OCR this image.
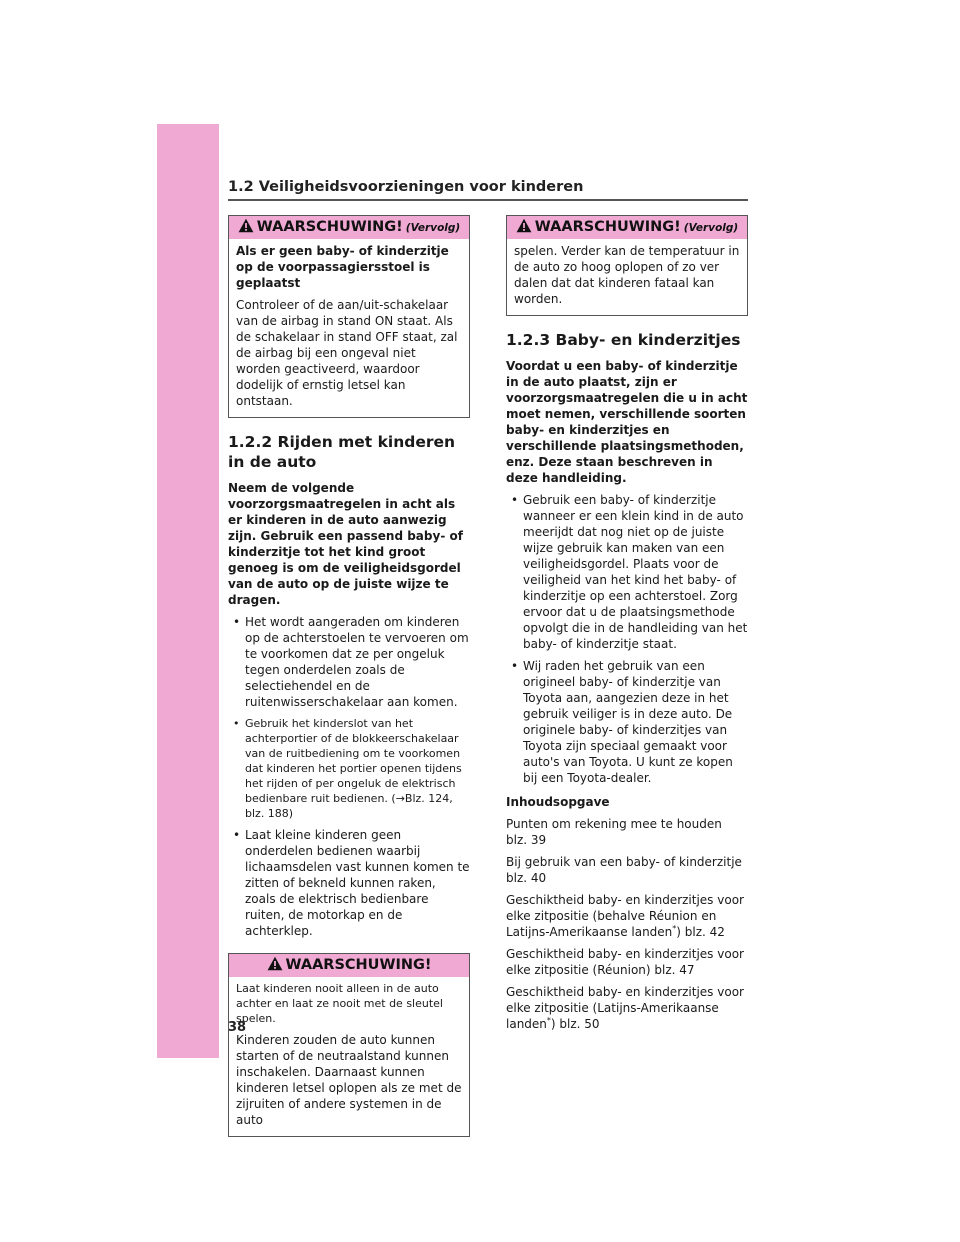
1.2 Veiligheidsvoorzieningen voor kinderen
WAARSCHUWING! (Vervolg)

Als er geen baby- of kinderzitje op de voorpassagiersstoel is geplaatst

Controleer of de aan/uit-schakelaar van de airbag in stand ON staat. Als de schakelaar in stand OFF staat, zal de airbag bij een ongeval niet worden geactiveerd, waardoor dodelijk of ernstig letsel kan ontstaan.

1.2.2 Rijden met kinderen in de auto

Neem de volgende voorzorgsmaatregelen in acht als er kinderen in de auto aanwezig zijn. Gebruik een passend baby- of kinderzitje tot het kind groot genoeg is om de veiligheidsgordel van de auto op de juiste wijze te dragen.

• Het wordt aangeraden om kinderen op de achterstoelen te vervoeren om te voorkomen dat ze per ongeluk tegen onderdelen zoals de selectiehendel en de ruitenwisserschakelaar aan komen.
• Gebruik het kinderslot van het achterportier of de blokkeerschakelaar van de ruitbediening om te voorkomen dat kinderen het portier openen tijdens het rijden of per ongeluk de elektrisch bedienbare ruit bedienen. (→Blz. 124, blz. 188)
• Laat kleine kinderen geen onderdelen bedienen waarbij lichaamsdelen vast kunnen komen te zitten of bekneld kunnen raken, zoals de elektrisch bedienbare ruiten, de motorkap en de achterklep.
WAARSCHUWING!

Laat kinderen nooit alleen in de auto achter en laat ze nooit met de sleutel spelen.

Kinderen zouden de auto kunnen starten of de neutraalstand kunnen inschakelen. Daarnaast kunnen kinderen letsel oplopen als ze met de zijruiten of andere systemen in de auto

WAARSCHUWING! (Vervolg)

spelen. Verder kan de temperatuur in de auto zo hoog oplopen of zo ver dalen dat dat kinderen fataal kan worden.

1.2.3 Baby- en kinderzitjes

Voordat u een baby- of kinderzitje in de auto plaatst, zijn er voorzorgsmaatregelen die u in acht moet nemen, verschillende soorten baby- en kinderzitjes en verschillende plaatsingsmethoden, enz. Deze staan beschreven in deze handleiding.

• Gebruik een baby- of kinderzitje wanneer er een klein kind in de auto meerijdt dat nog niet op de juiste wijze gebruik kan maken van een veiligheidsgordel. Plaats voor de veiligheid van het kind het baby- of kinderzitje op een achterstoel. Zorg ervoor dat u de plaatsingsmethode opvolgt die in de handleiding van het baby- of kinderzitje staat.
• Wij raden het gebruik van een origineel baby- of kinderzitje van Toyota aan, aangezien deze in het gebruik veiliger is in deze auto. De originele baby- of kinderzitjes van Toyota zijn speciaal gemaakt voor auto's van Toyota. U kunt ze kopen bij een Toyota-dealer.

Inhoudsopgave

Punten om rekening mee te houden
blz. 39

Bij gebruik van een baby- of kinderzitje
blz. 40

Geschiktheid baby- en kinderzitjes voor elke zitpositie (behalve Réunion en Latijns-Amerikaanse landen*) blz. 42

Geschiktheid baby- en kinderzitjes voor elke zitpositie (Réunion) blz. 47

Geschiktheid baby- en kinderzitjes voor elke zitpositie (Latijns-Amerikaanse landen*) blz. 50

38
